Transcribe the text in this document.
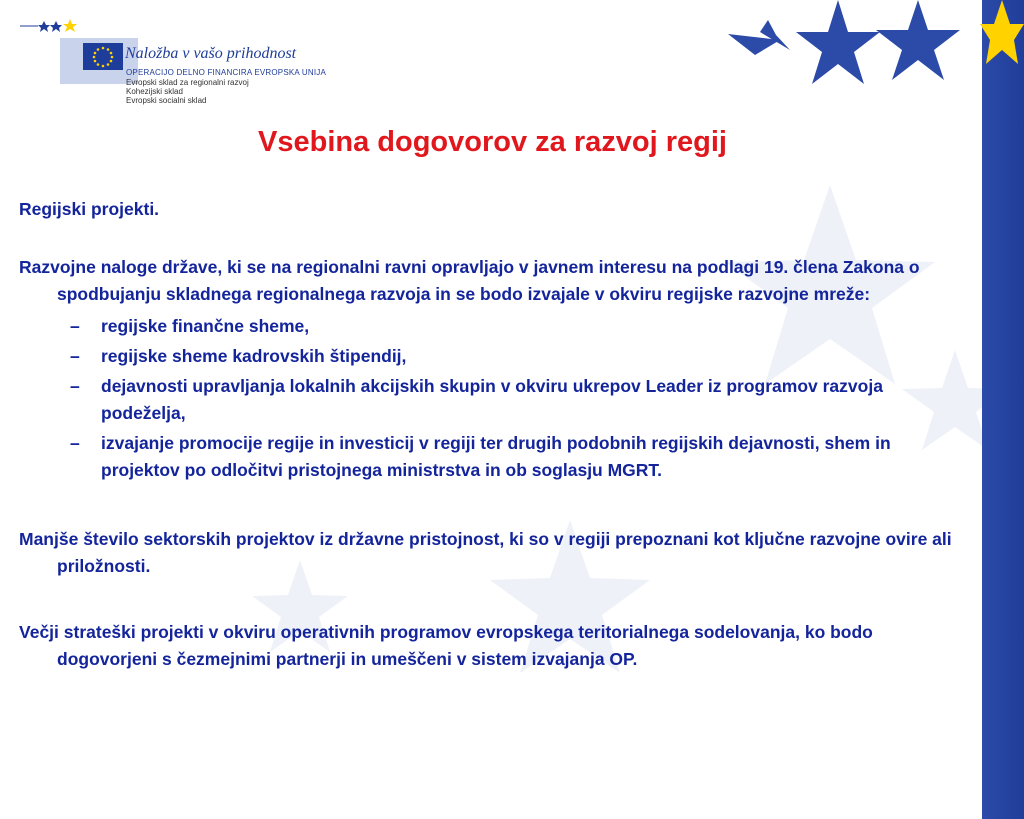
Naložba v vašo prihodnost
OPERACIJO DELNO FINANCIRA EVROPSKA UNIJA
Evropski sklad za regionalni razvoj
Kohezijski sklad
Evropski socialni sklad
Vsebina dogovorov za razvoj regij

Regijski projekti.

Razvojne naloge države, ki se na regionalni ravni opravljajo v javnem interesu na podlagi 19. člena Zakona o spodbujanju skladnega regionalnega razvoja in se bodo izvajale v okviru regijske razvojne mreže:

– regijske finančne sheme,
– regijske sheme kadrovskih štipendij,
– dejavnosti upravljanja lokalnih akcijskih skupin v okviru ukrepov Leader iz programov razvoja podeželja,
– izvajanje promocije regije in investicij v regiji ter drugih podobnih regijskih dejavnosti, shem in projektov po odločitvi pristojnega ministrstva in ob soglasju MGRT.

Manjše število sektorskih projektov iz državne pristojnost, ki so v regiji prepoznani kot ključne razvojne ovire ali priložnosti.

Večji strateški projekti v okviru operativnih programov evropskega teritorialnega sodelovanja, ko bodo dogovorjeni s čezmejnimi partnerji in umeščeni v sistem izvajanja OP.
